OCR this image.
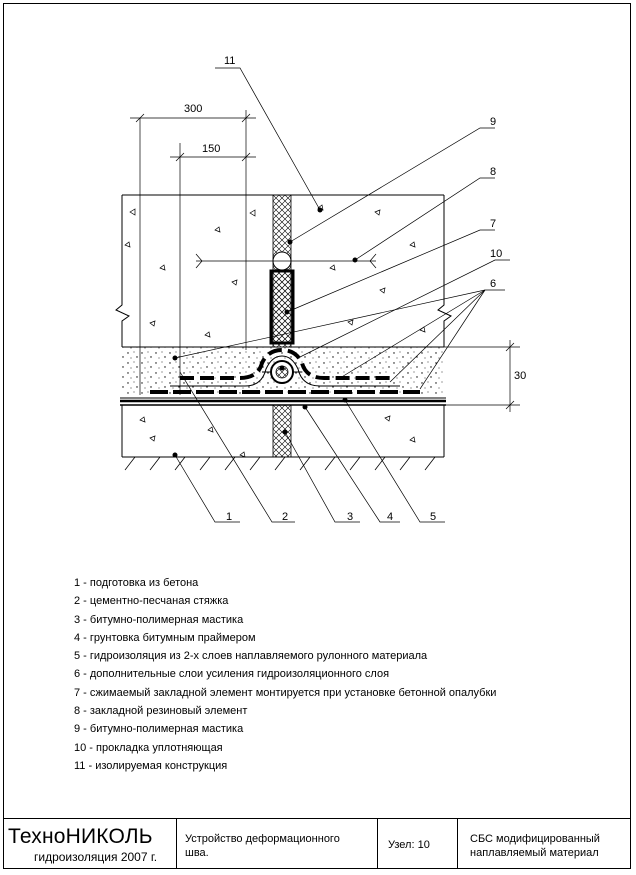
11
9
8
7
10
6
1	2	3	4	5
300
150
30
1 - подготовка из бетона
2 - цементно-песчаная стяжка
3 - битумно-полимерная мастика
4 - грунтовка битумным праймером
5 - гидроизоляция из 2-х слоев наплавляемого рулонного материала
6 - дополнительные слои усиления гидроизоляционного слоя
7 - сжимаемый закладной элемент монтируется при установке бетонной опалубки
8 - закладной резиновый элемент
9 - битумно-полимерная мастика
10 - прокладка уплотняющая
11 - изолируемая конструкция
ТехноНИКОЛЬ
гидроизоляция 2007 г.
Устройство деформационного шва.
Узел: 10	СБС модифицированный наплавляемый материал
